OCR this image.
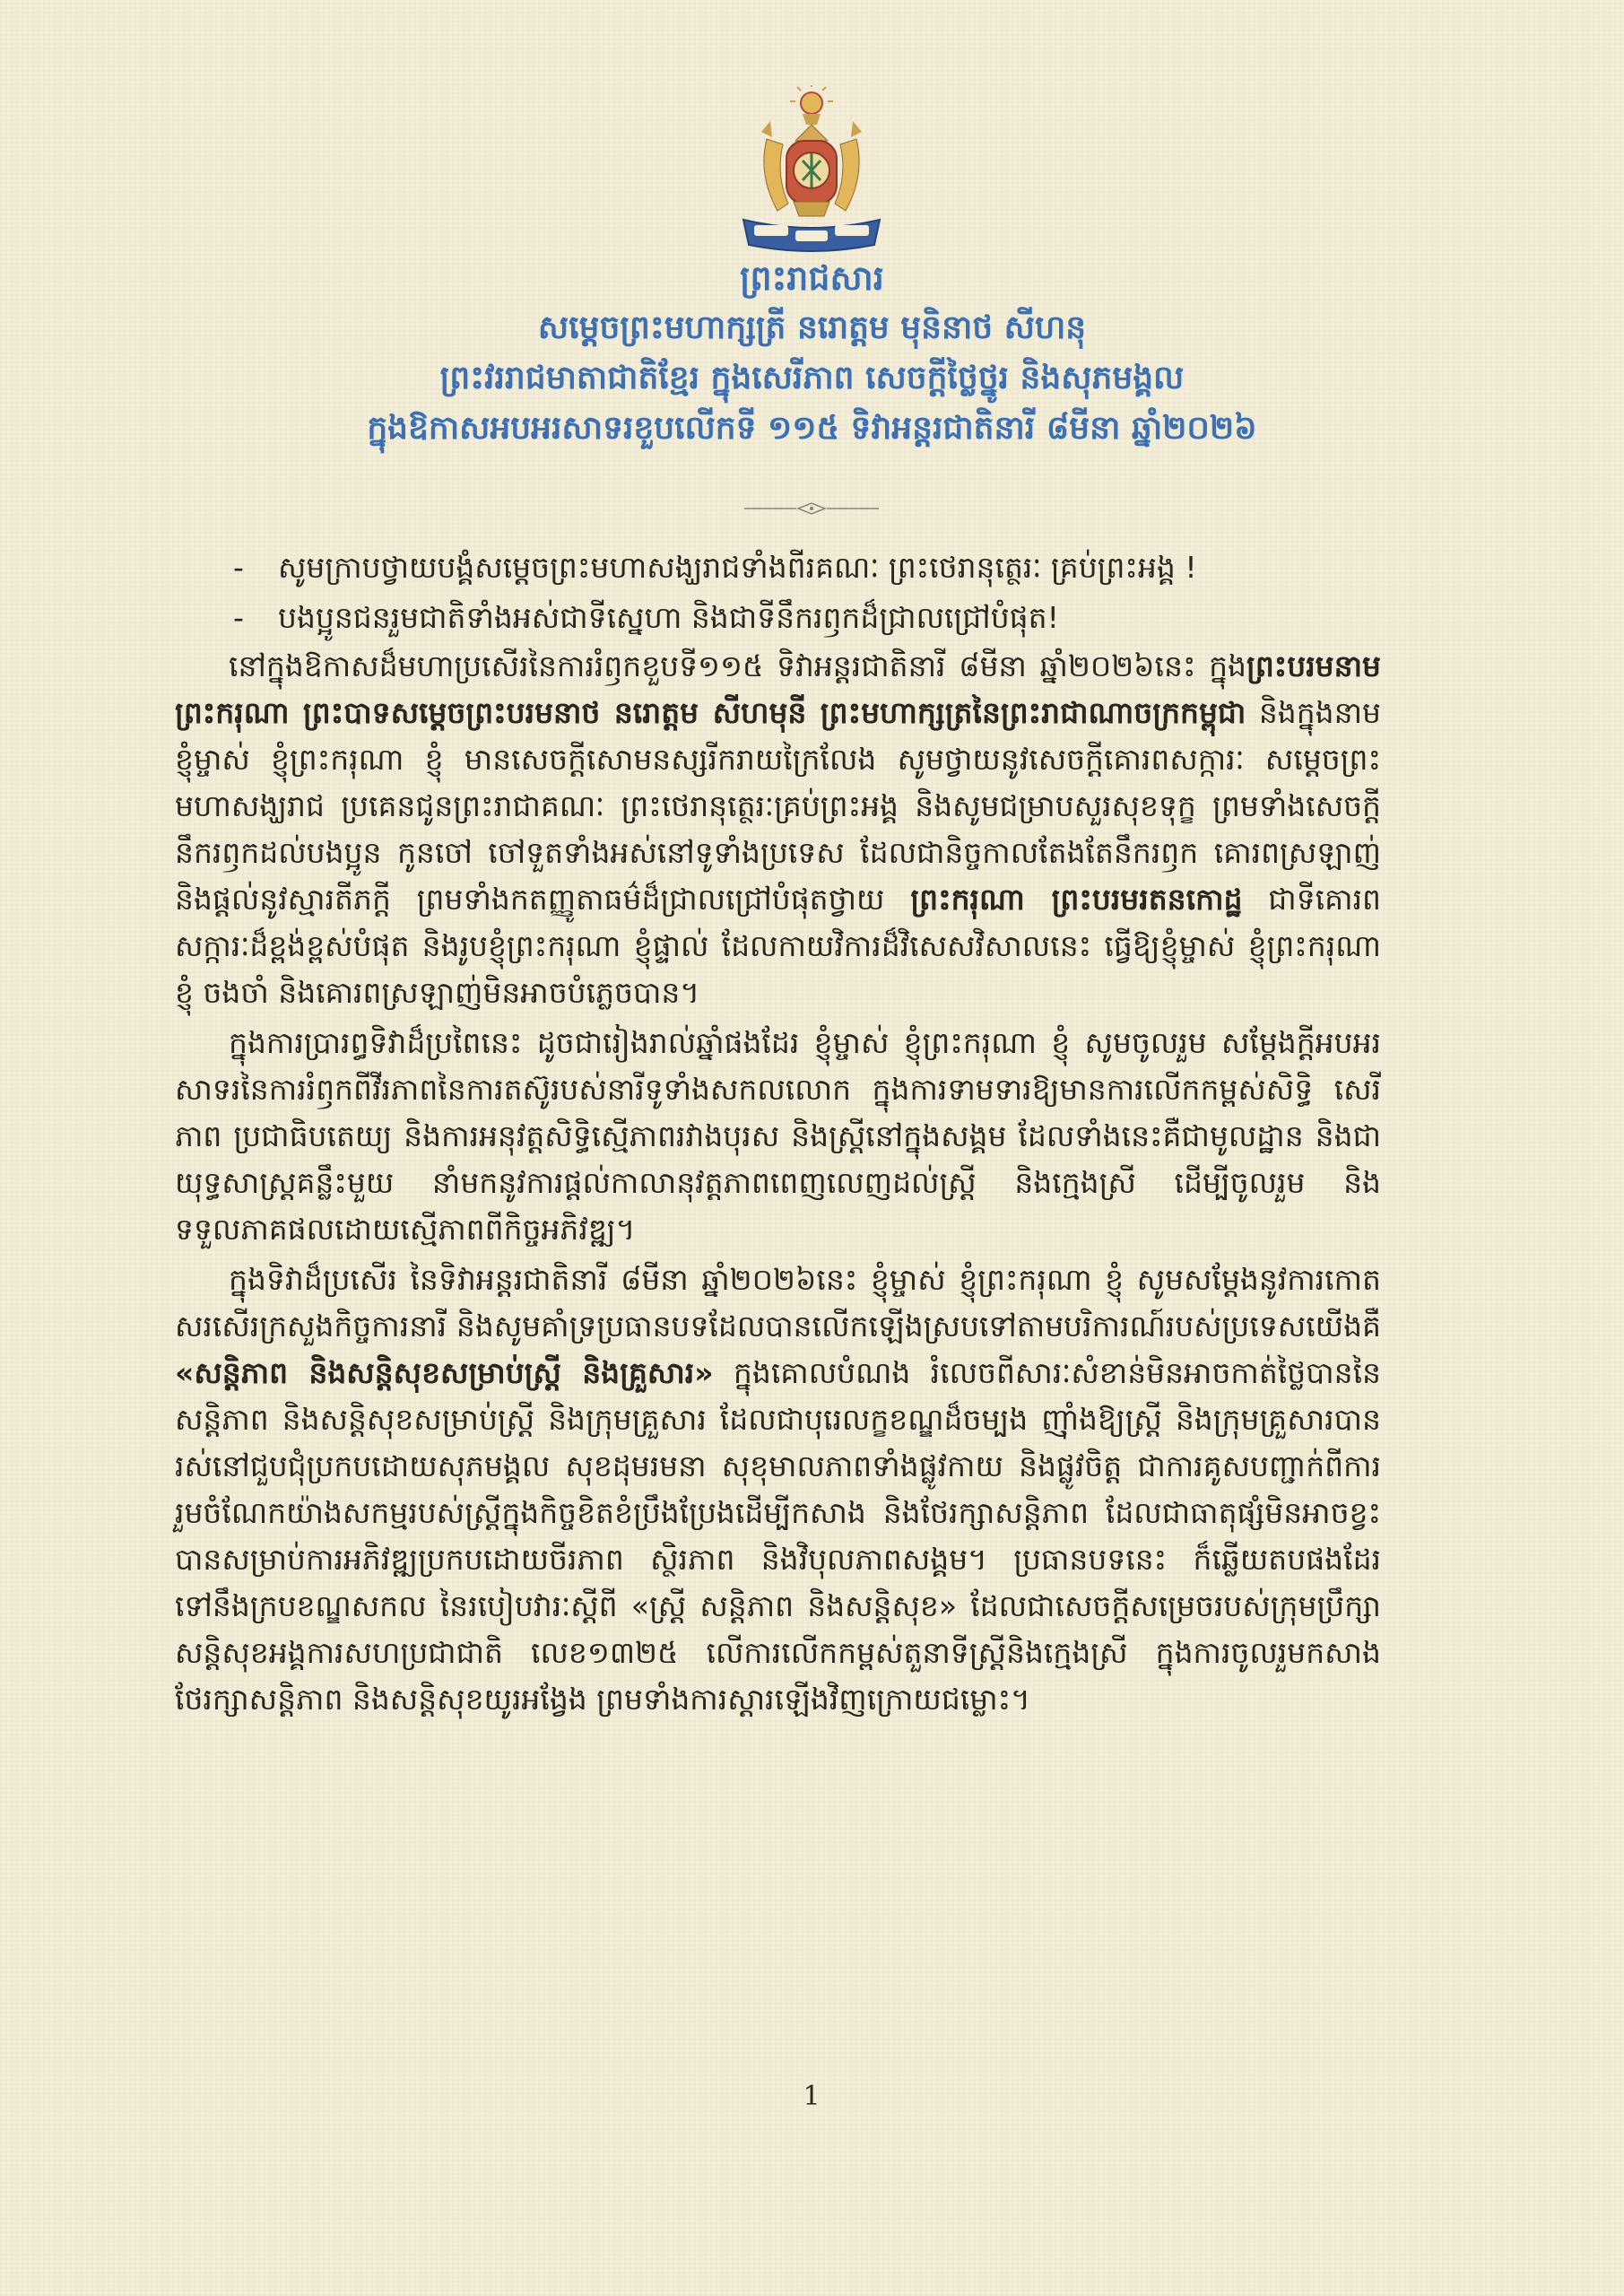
ព្រះរាជសារ
សម្តេចព្រះមហាក្សត្រី នរោត្តម មុនិនាថ សីហនុ
ព្រះវររាជមាតាជាតិខ្មែរ ក្នុងសេរីភាព សេចក្តីថ្លៃថ្នូរ និងសុភមង្គល
ក្នុងឱកាសអបអរសាទរខួបលើកទី ១១៥ ទិវាអន្តរជាតិនារី ៨មីនា ឆ្នាំ២០២៦
- សូមក្រាបថ្វាយបង្គំសម្តេចព្រះមហាសង្ឃរាជទាំងពីរគណៈ ព្រះថេរានុត្ថេរៈ គ្រប់ព្រះអង្គ !
- បងប្អូនជនរួមជាតិទាំងអស់ជាទីស្នេហា និងជាទីនឹករឭកដ៏ជ្រាលជ្រៅបំផុត!

នៅក្នុងឱកាសដ៏មហាប្រសើរនៃការរំឭកខួបទី១១៥ ទិវាអន្តរជាតិនារី ៨មីនា ឆ្នាំ២០២៦នេះ ក្នុងព្រះបរមនាមព្រះករុណា ព្រះបាទសម្តេចព្រះបរមនាថ នរោត្តម សីហមុនី ព្រះមហាក្សត្រនៃព្រះរាជាណាចក្រកម្ពុជា និងក្នុងនាមខ្ញុំម្ចាស់ ខ្ញុំព្រះករុណា ខ្ញុំ មានសេចក្តីសោមនស្សរីករាយក្រៃលែង សូមថ្វាយនូវសេចក្តីគោរពសក្ការៈ សម្តេចព្រះមហាសង្ឃរាជ ប្រគេនជូនព្រះរាជាគណៈ ព្រះថេរានុត្ថេរៈគ្រប់ព្រះអង្គ និងសូមជម្រាបសួរសុខទុក្ខ ព្រមទាំងសេចក្តីនឹករឭកដល់បងប្អូន កូនចៅ ចៅទួតទាំងអស់នៅទូទាំងប្រទេស ដែលជានិច្ចកាលតែងតែនឹករឭក គោរពស្រឡាញ់ និងផ្តល់នូវស្មារតីភក្តី ព្រមទាំងកតញ្ញូតាធម៌ដ៏ជ្រាលជ្រៅបំផុតថ្វាយ ព្រះករុណា ព្រះបរមរតនកោដ្ឋ ជាទីគោរពសក្ការៈដ៏ខ្ពង់ខ្ពស់បំផុត និងរូបខ្ញុំព្រះករុណា ខ្ញុំផ្ទាល់ ដែលកាយវិការដ៏វិសេសវិសាលនេះ ធ្វើឱ្យខ្ញុំម្ចាស់ ខ្ញុំព្រះករុណា ខ្ញុំ ចងចាំ និងគោរពស្រឡាញ់មិនអាចបំភ្លេចបាន។

ក្នុងការប្រារព្ធទិវាដ៏ប្រពៃនេះ ដូចជារៀងរាល់ឆ្នាំផងដែរ ខ្ញុំម្ចាស់ ខ្ញុំព្រះករុណា ខ្ញុំ សូមចូលរួម សម្តែងក្តីអបអរសាទរនៃការរំឭកពីវីរភាពនៃការតស៊ូរបស់នារីទូទាំងសកលលោក ក្នុងការទាមទារឱ្យមានការលើកកម្ពស់សិទ្ធិ សេរីភាព ប្រជាធិបតេយ្យ និងការអនុវត្តសិទ្ធិស្មើភាពរវាងបុរស និងស្ត្រីនៅក្នុងសង្គម ដែលទាំងនេះគឺជាមូលដ្ឋាន និងជាយុទ្ធសាស្ត្រគន្លឹះមួយ នាំមកនូវការផ្តល់កាលានុវត្តភាពពេញលេញដល់ស្ត្រី និងក្មេងស្រី ដើម្បីចូលរួម និងទទួលភាគផលដោយស្មើភាពពីកិច្ចអភិវឌ្ឍ។

ក្នុងទិវាដ៏ប្រសើរ នៃទិវាអន្តរជាតិនារី ៨មីនា ឆ្នាំ២០២៦នេះ ខ្ញុំម្ចាស់ ខ្ញុំព្រះករុណា ខ្ញុំ សូមសម្តែងនូវការកោតសរសើរក្រសួងកិច្ចការនារី និងសូមគាំទ្រប្រធានបទដែលបានលើកឡើងស្របទៅតាមបរិការណ៍របស់ប្រទេសយើងគឺ «សន្តិភាព និងសន្តិសុខសម្រាប់ស្ត្រី និងគ្រួសារ» ក្នុងគោលបំណង រំលេចពីសារៈសំខាន់មិនអាចកាត់ថ្លៃបាននៃសន្តិភាព និងសន្តិសុខសម្រាប់ស្ត្រី និងក្រុមគ្រួសារ ដែលជាបុរេលក្ខខណ្ឌដ៏ចម្បង ញ៉ាំងឱ្យស្ត្រី និងក្រុមគ្រួសារបានរស់នៅជួបជុំប្រកបដោយសុភមង្គល សុខដុមរមនា សុខុមាលភាពទាំងផ្លូវកាយ និងផ្លូវចិត្ត ជាការគូសបញ្ជាក់ពីការរួមចំណែកយ៉ាងសកម្មរបស់ស្ត្រីក្នុងកិច្ចខិតខំប្រឹងប្រែងដើម្បីកសាង និងថែរក្សាសន្តិភាព ដែលជាធាតុផ្សំមិនអាចខ្វះបានសម្រាប់ការអភិវឌ្ឍប្រកបដោយចីរភាព ស្ថិរភាព និងវិបុលភាពសង្គម។ ប្រធានបទនេះ ក៏ឆ្លើយតបផងដែរទៅនឹងក្របខណ្ឌសកល នៃរបៀបវារៈស្តីពី «ស្ត្រី សន្តិភាព និងសន្តិសុខ» ដែលជាសេចក្តីសម្រេចរបស់ក្រុមប្រឹក្សាសន្តិសុខអង្គការសហប្រជាជាតិ លេខ១៣២៥ លើការលើកកម្ពស់តួនាទីស្ត្រីនិងក្មេងស្រី ក្នុងការចូលរួមកសាង ថែរក្សាសន្តិភាព និងសន្តិសុខយូរអង្វែង ព្រមទាំងការស្តារឡើងវិញក្រោយជម្លោះ។

1
